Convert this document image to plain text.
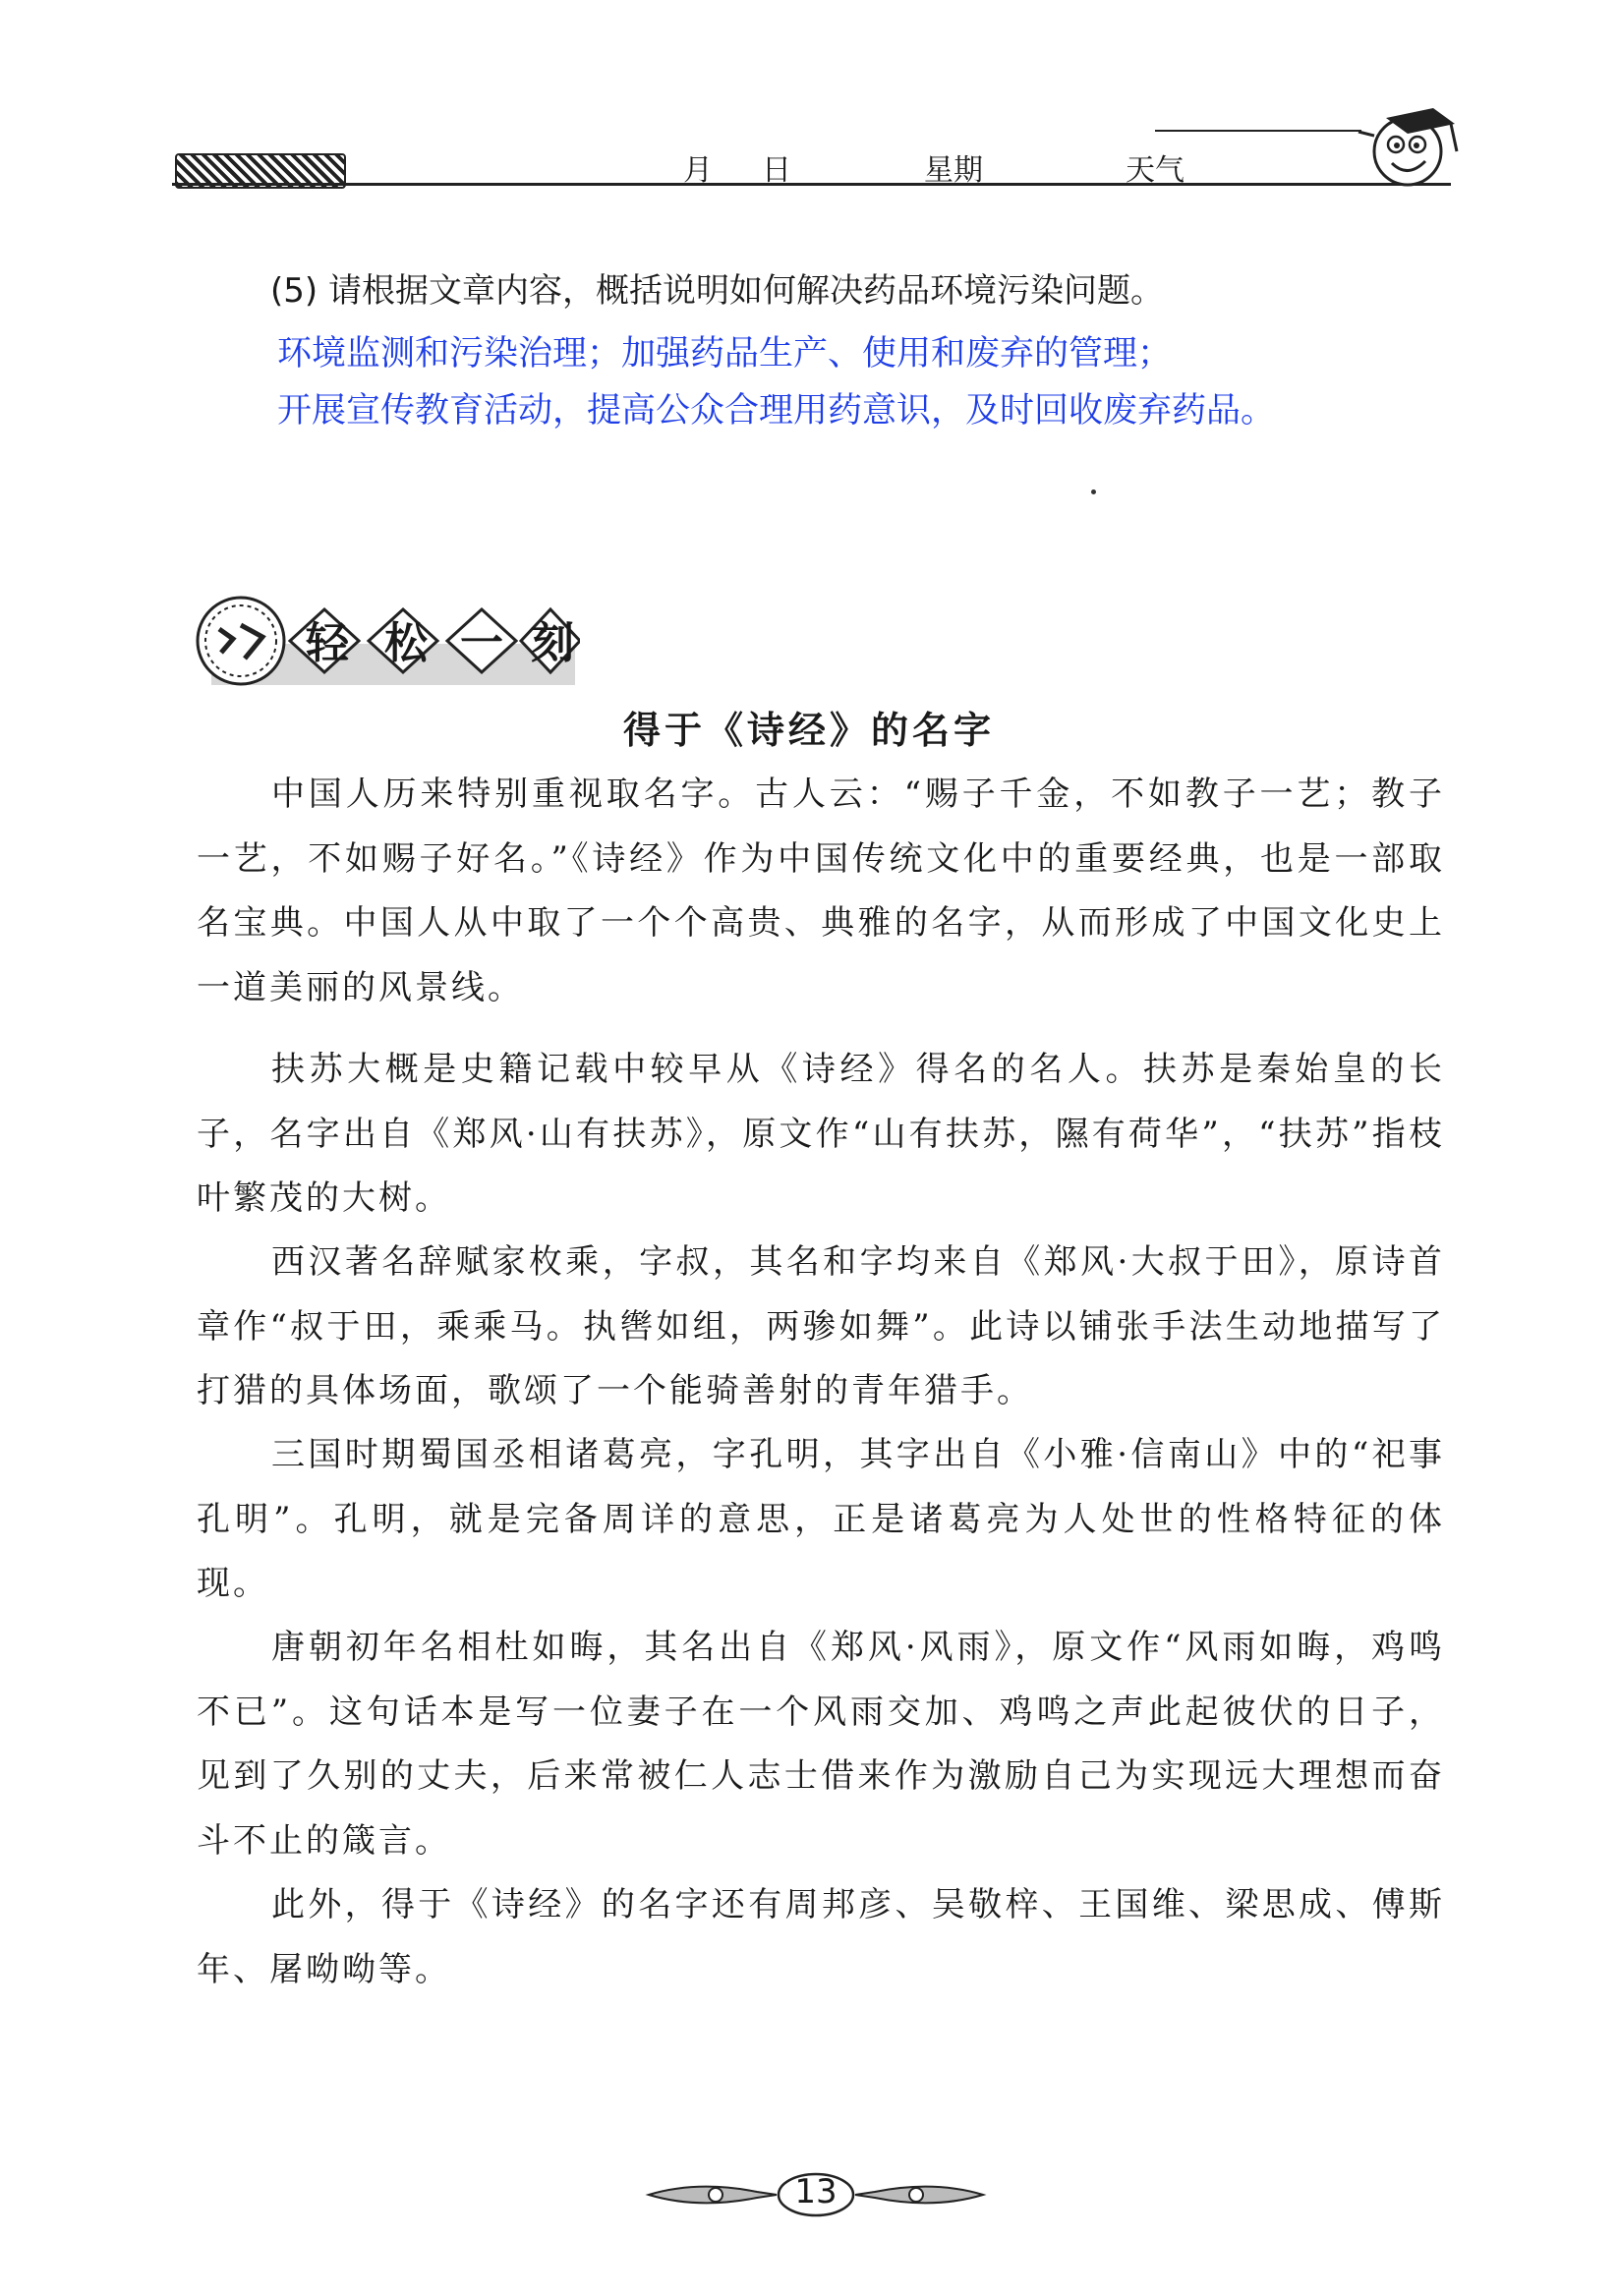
月 日	星期	天气
(5) 请根据文章内容，概括说明如何解决药品环境污染问题。
环境监测和污染治理；加强药品生产、使用和废弃的管理；
开展宣传教育活动，提高公众合理用药意识，及时回收废弃药品。
轻 松 一 刻
得于《诗经》的名字

中国人历来特别重视取名字。古人云：“赐子千金，不如教子一艺；教子一艺，不如赐子好名。”《诗经》作为中国传统文化中的重要经典，也是一部取名宝典。中国人从中取了一个个高贵、典雅的名字，从而形成了中国文化史上一道美丽的风景线。

扶苏大概是史籍记载中较早从《诗经》得名的名人。扶苏是秦始皇的长子，名字出自《郑风·山有扶苏》，原文作“山有扶苏，隰有荷华”，“扶苏”指枝叶繁茂的大树。

西汉著名辞赋家枚乘，字叔，其名和字均来自《郑风·大叔于田》，原诗首章作“叔于田，乘乘马。执辔如组，两骖如舞”。此诗以铺张手法生动地描写了打猎的具体场面，歌颂了一个能骑善射的青年猎手。

三国时期蜀国丞相诸葛亮，字孔明，其字出自《小雅·信南山》中的“祀事孔明”。孔明，就是完备周详的意思，正是诸葛亮为人处世的性格特征的体现。

唐朝初年名相杜如晦，其名出自《郑风·风雨》，原文作“风雨如晦，鸡鸣不已”。这句话本是写一位妻子在一个风雨交加、鸡鸣之声此起彼伏的日子，见到了久别的丈夫，后来常被仁人志士借来作为激励自己为实现远大理想而奋斗不止的箴言。

此外，得于《诗经》的名字还有周邦彦、吴敬梓、王国维、梁思成、傅斯年、屠呦呦等。

13
